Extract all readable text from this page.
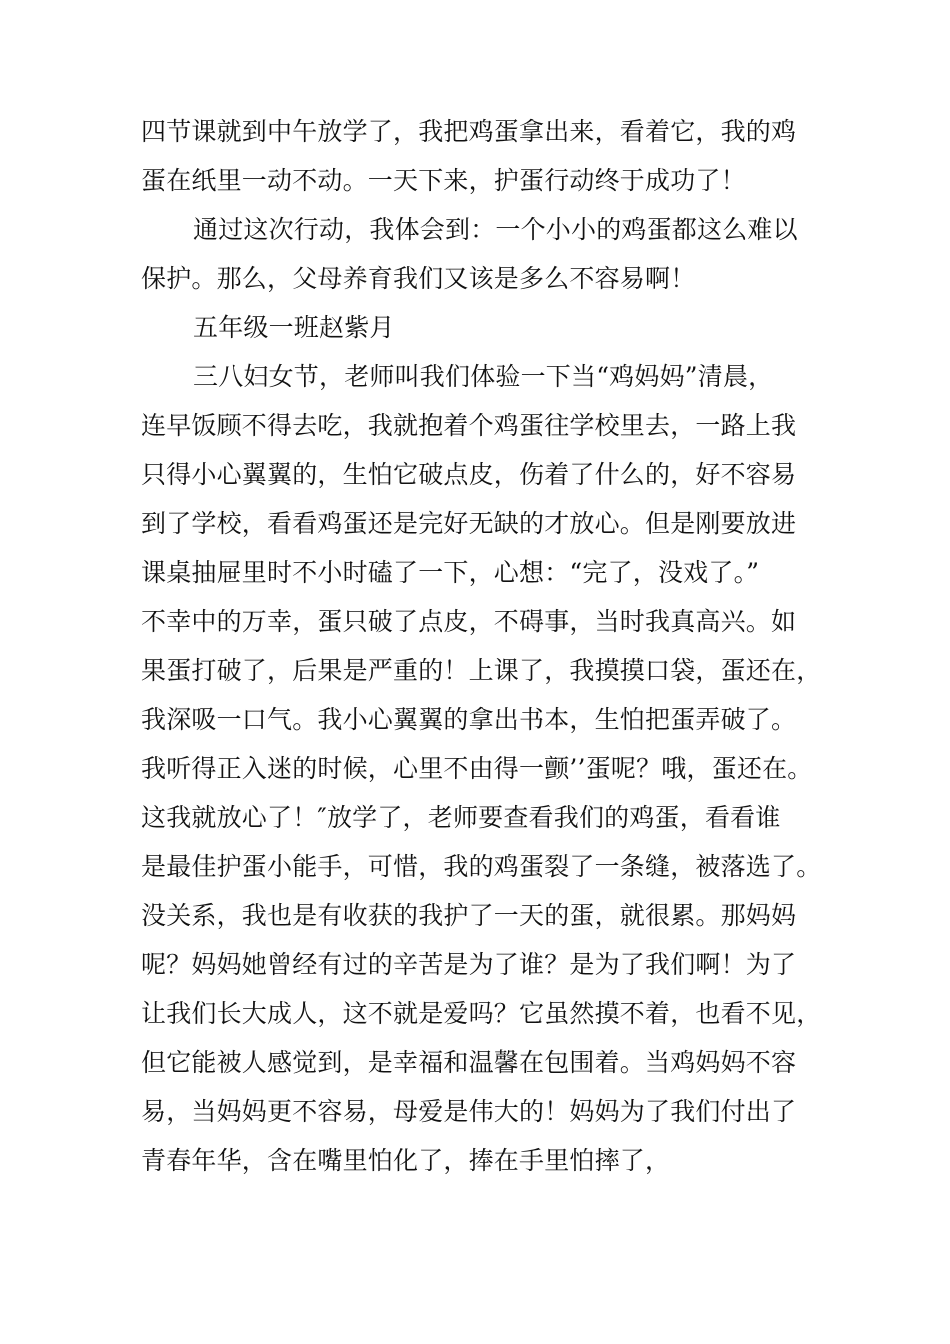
四节课就到中午放学了，我把鸡蛋拿出来，看着它，我的鸡
蛋在纸里一动不动。一天下来，护蛋行动终于成功了！
通过这次行动，我体会到：一个小小的鸡蛋都这么难以
保护。那么，父母养育我们又该是多么不容易啊！
五年级一班赵紫月
三八妇女节，老师叫我们体验一下当“鸡妈妈”清晨，
连早饭顾不得去吃，我就抱着个鸡蛋往学校里去，一路上我
只得小心翼翼的，生怕它破点皮，伤着了什么的，好不容易
到了学校，看看鸡蛋还是完好无缺的才放心。但是刚要放进
课桌抽屉里时不小时磕了一下，心想：“完了，没戏了。”
不幸中的万幸，蛋只破了点皮，不碍事，当时我真高兴。如
果蛋打破了，后果是严重的！上课了，我摸摸口袋，蛋还在，
我深吸一口气。我小心翼翼的拿出书本，生怕把蛋弄破了。
我听得正入迷的时候，心里不由得一颤’’蛋呢？哦，蛋还在。
这我就放心了！″放学了，老师要查看我们的鸡蛋，看看谁
是最佳护蛋小能手，可惜，我的鸡蛋裂了一条缝，被落选了。
没关系，我也是有收获的我护了一天的蛋，就很累。那妈妈
呢？妈妈她曾经有过的辛苦是为了谁？是为了我们啊！为了
让我们长大成人，这不就是爱吗？它虽然摸不着，也看不见，
但它能被人感觉到，是幸福和温馨在包围着。当鸡妈妈不容
易，当妈妈更不容易，母爱是伟大的！妈妈为了我们付出了
青春年华，含在嘴里怕化了，捧在手里怕摔了，
